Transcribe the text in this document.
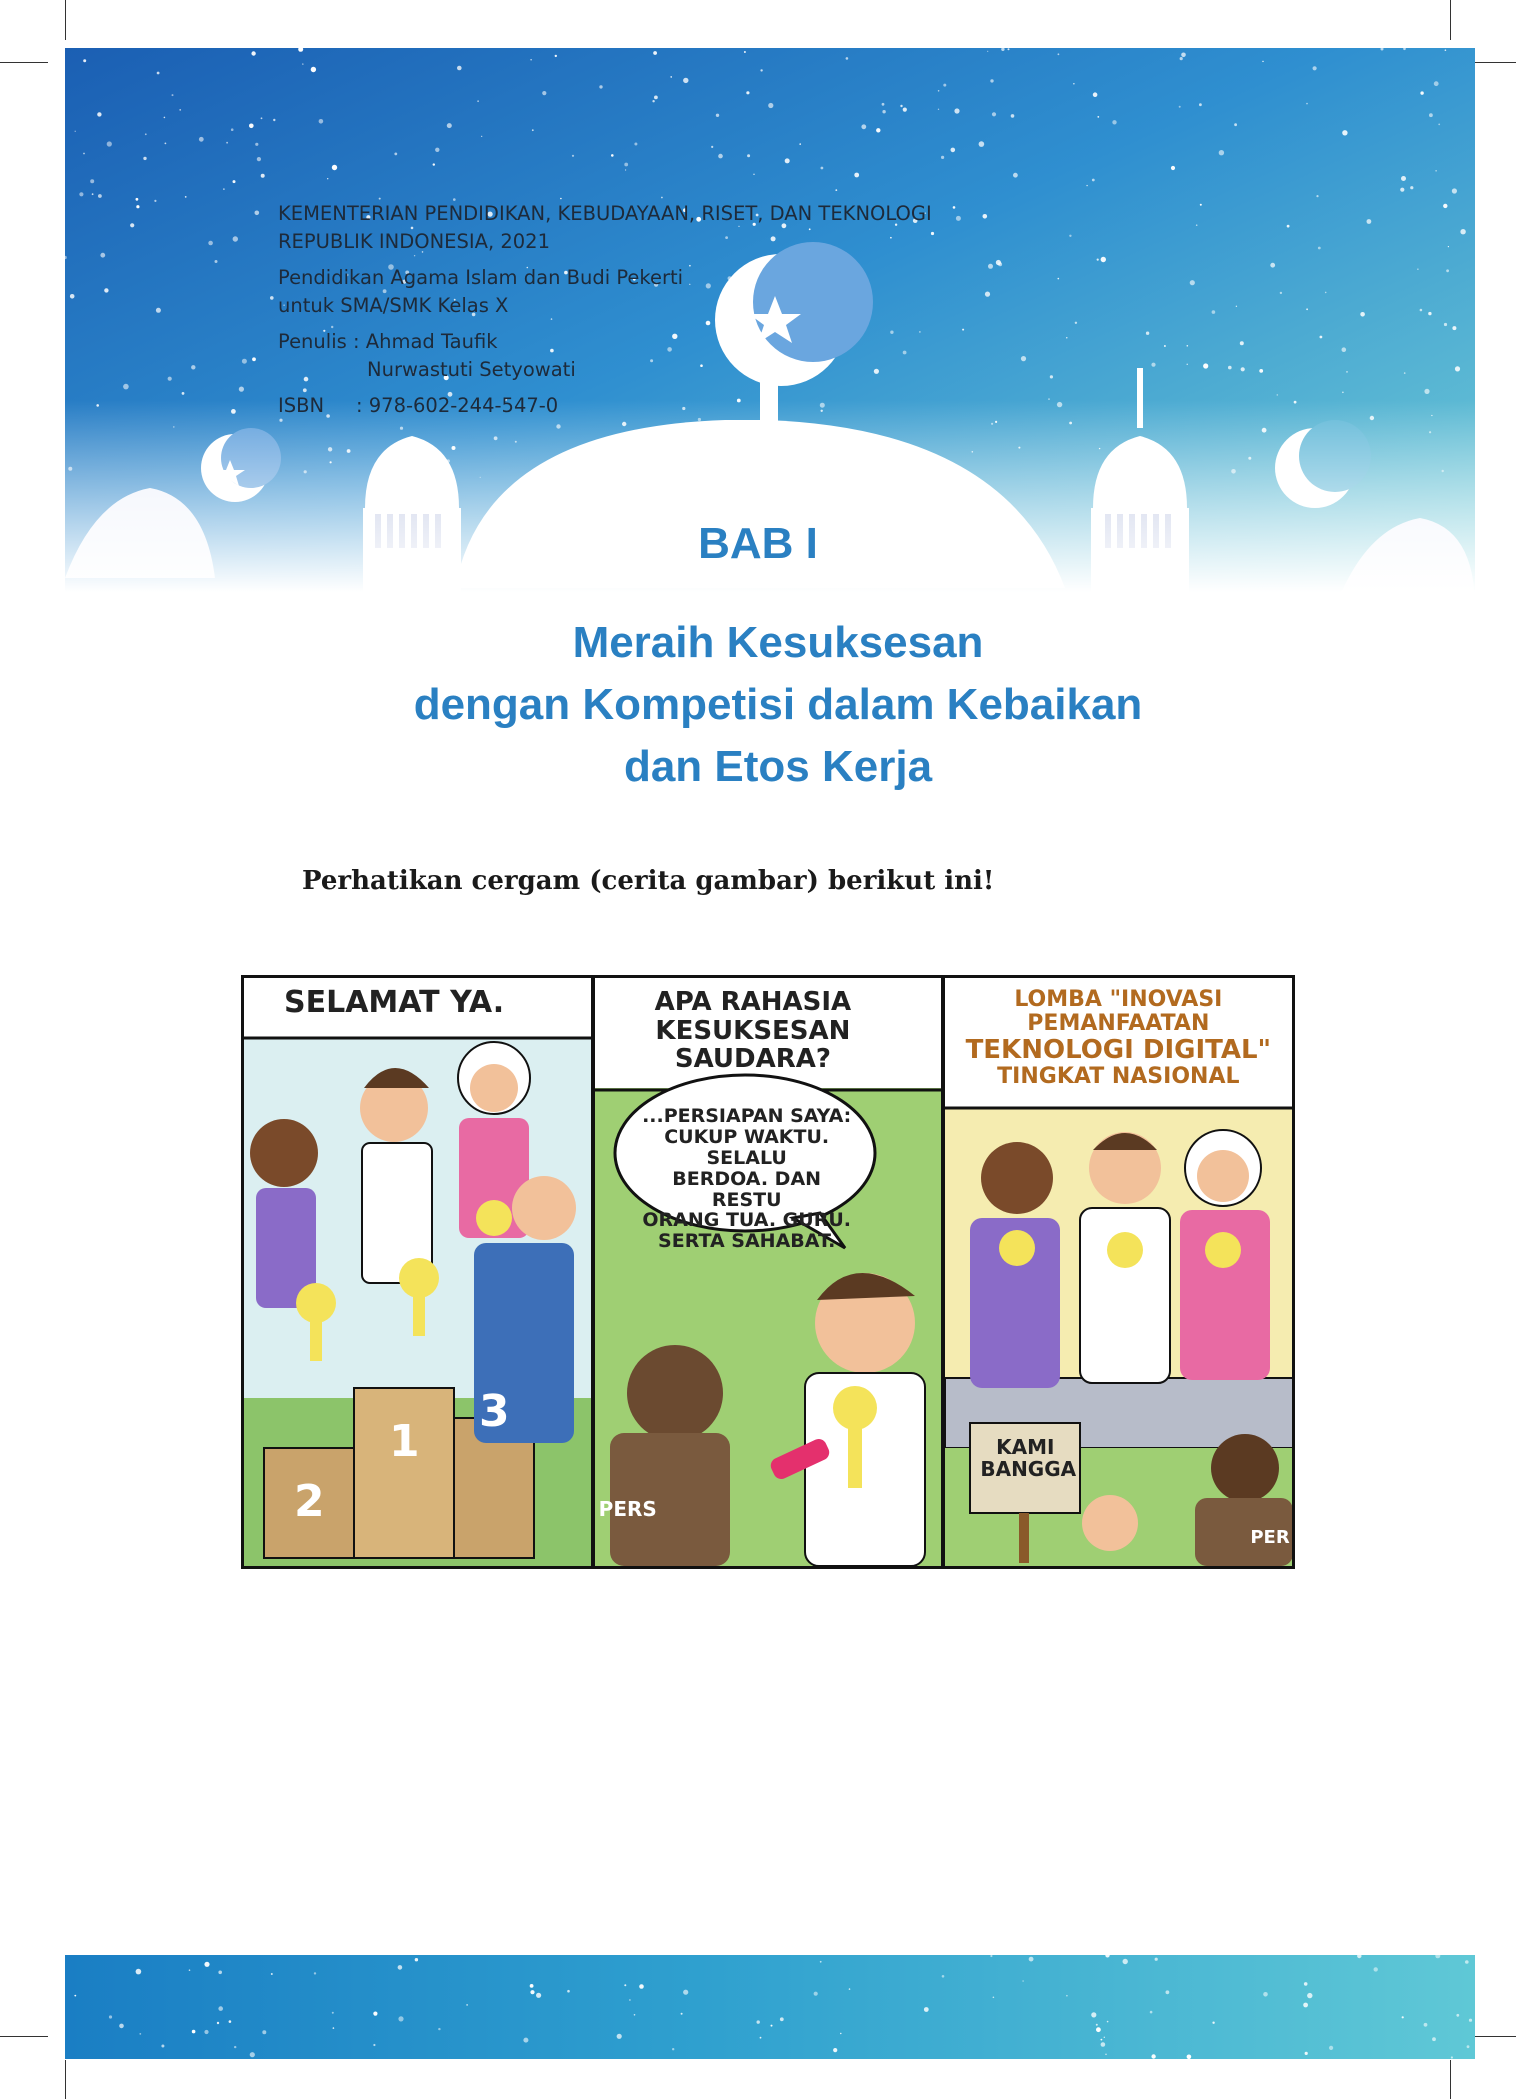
KEMENTERIAN PENDIDIKAN, KEBUDAYAAN, RISET, DAN TEKNOLOGI

REPUBLIK INDONESIA, 2021

Pendidikan Agama Islam dan Budi Pekerti

untuk SMA/SMK Kelas X

Penulis
: Ahmad Taufik

Nurwastuti Setyowati

ISBN	: 978-602-244-547-0

BAB I
Meraih Kesuksesan
dengan Kompetisi dalam Kebaikan
dan Etos Kerja
Perhatikan cergam (cerita gambar) berikut ini!
SELAMAT YA.
2
1
3
APA RAHASIA
KESUKSESAN
SAUDARA?
...PERSIAPAN SAYA:
CUKUP WAKTU. SELALU
BERDOA. DAN RESTU
ORANG TUA. GURU.
SERTA SAHABAT.
PERS
LOMBA "INOVASI PEMANFAATAN
TEKNOLOGI DIGITAL"
TINGKAT NASIONAL
KAMI
BANGGA
PER
